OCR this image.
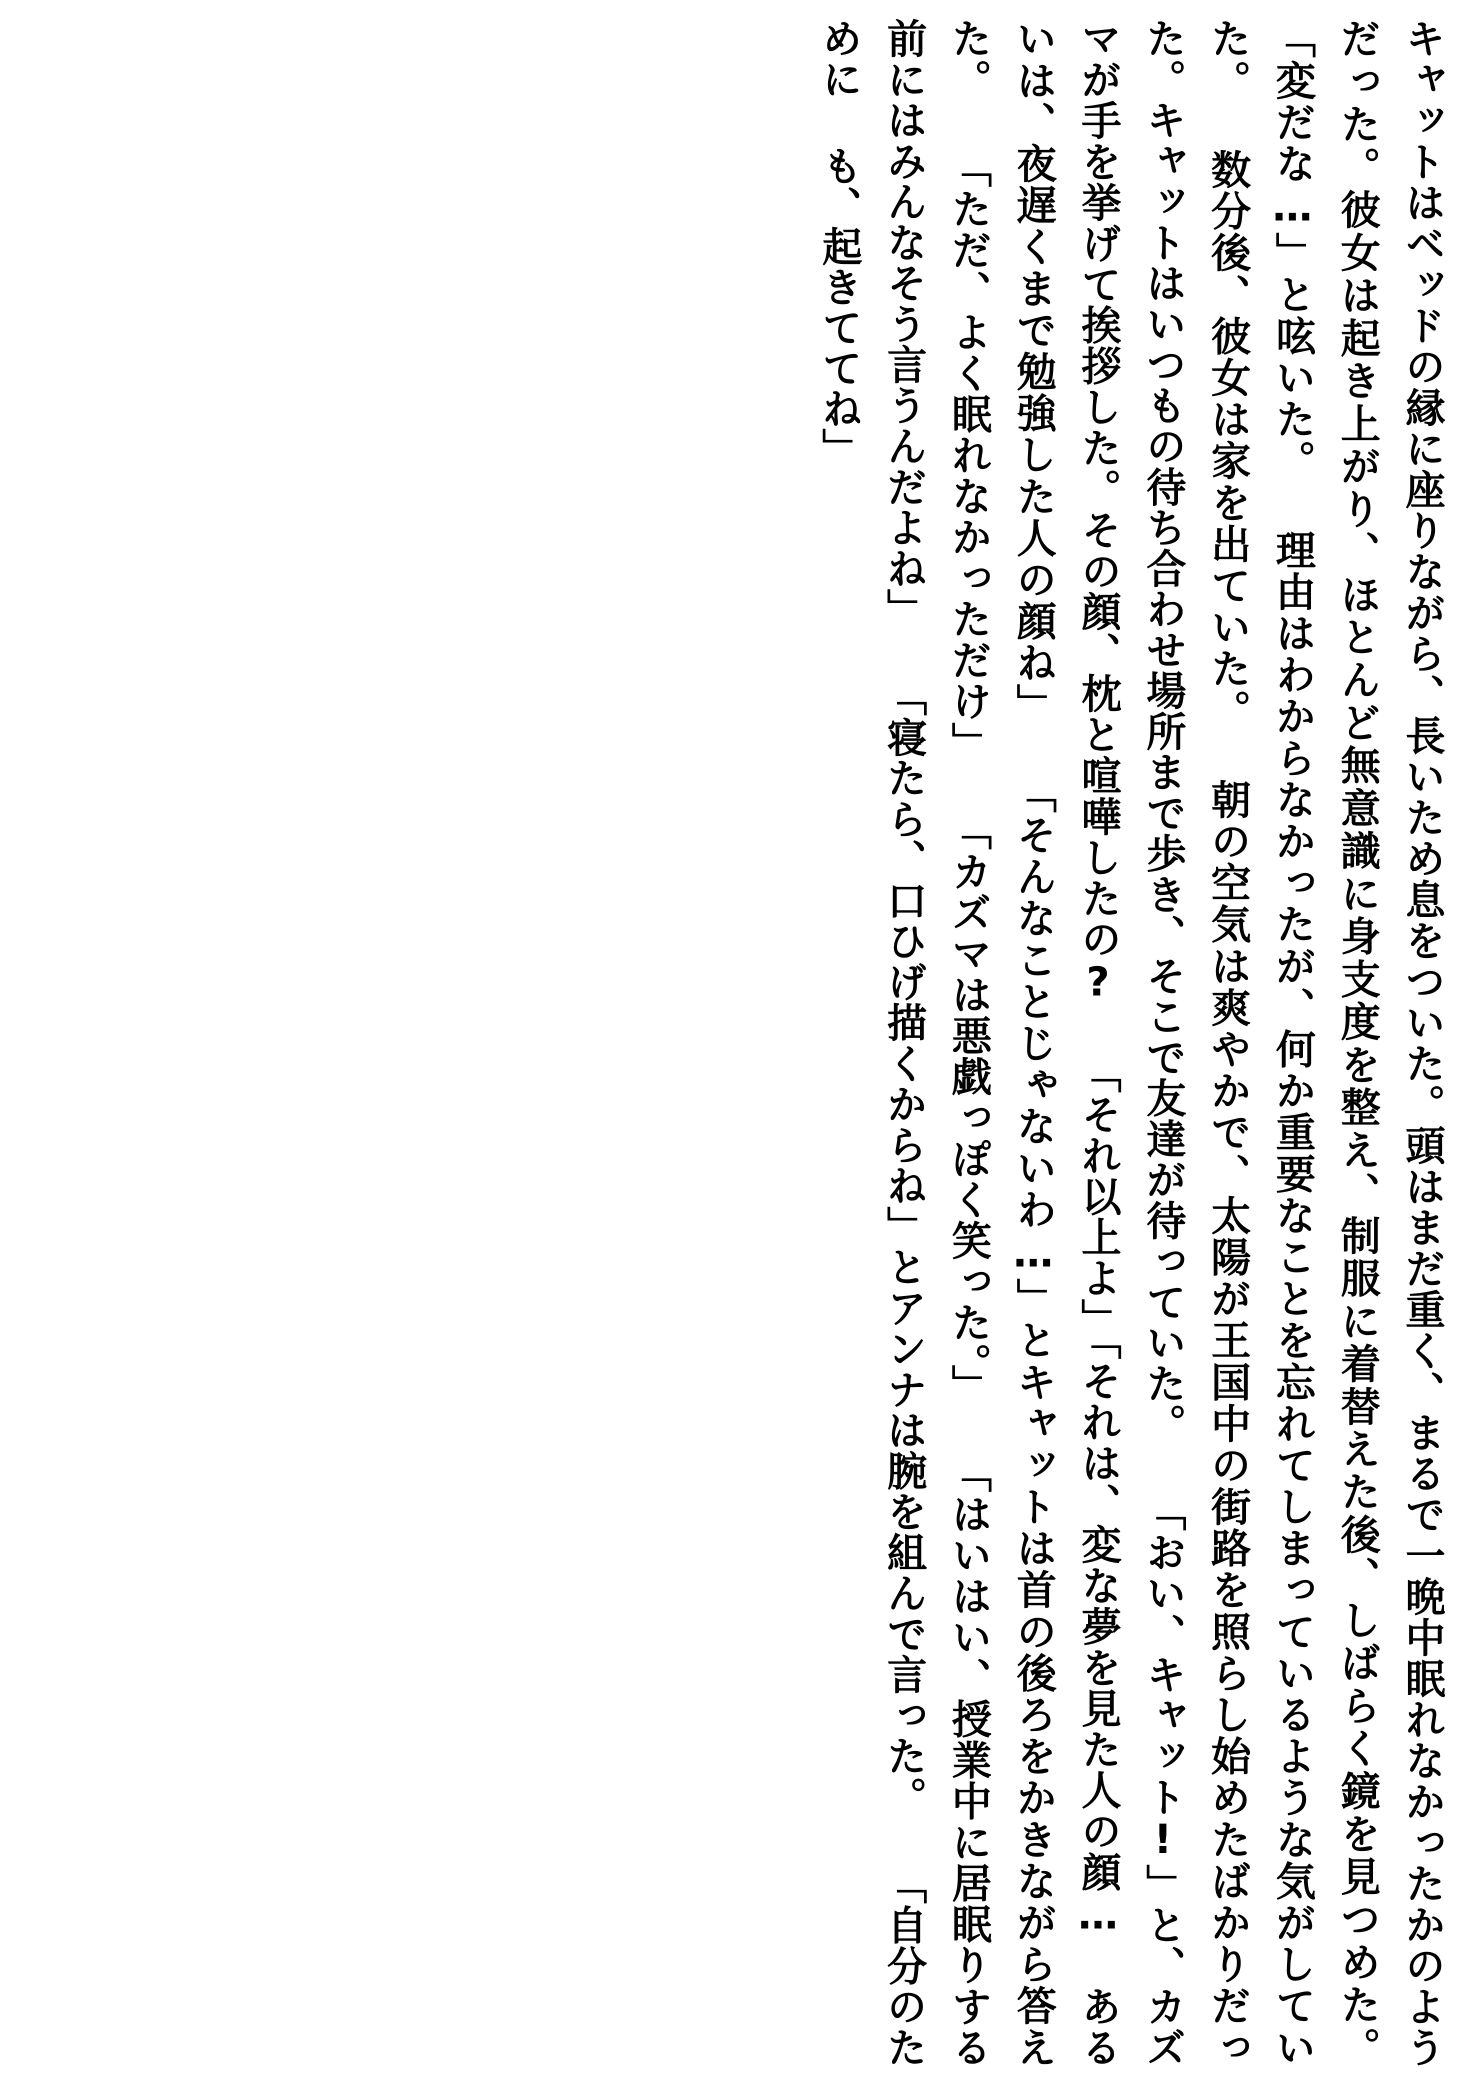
キャットはベッドの縁に座りながら、長いため息をついた。頭はまだ重く、まるで一晩中眠れなかったかのようだった。彼女は起き上がり、ほとんど無意識に身支度を整え、制服に着替えた後、しばらく鏡を見つめた。 「変だな…」と呟いた。 理由はわからなかったが、何か重要なことを忘れてしまっているような気がしていた。 数分後、彼女は家を出ていた。 朝の空気は爽やかで、太陽が王国中の街路を照らし始めたばかりだった。キャットはいつもの待ち合わせ場所まで歩き、そこで友達が待っていた。 「おい、キャット!」と、カズマが手を挙げて挨拶した。その顔、枕と喧嘩したの? 「それ以上よ」「それは、変な夢を見た人の顔… あるいは、夜遅くまで勉強した人の顔ね」 「そんなことじゃないわ…」とキャットは首の後ろをかきながら答えた。 「ただ、よく眠れなかっただけ」 「カズマは悪戯っぽく笑った。」 「はいはい、授業中に居眠りする前にはみんなそう言うんだよね」 「寝たら、口ひげ描くからね」とアンナは腕を組んで言った。 「自分のために も、起きててね」
